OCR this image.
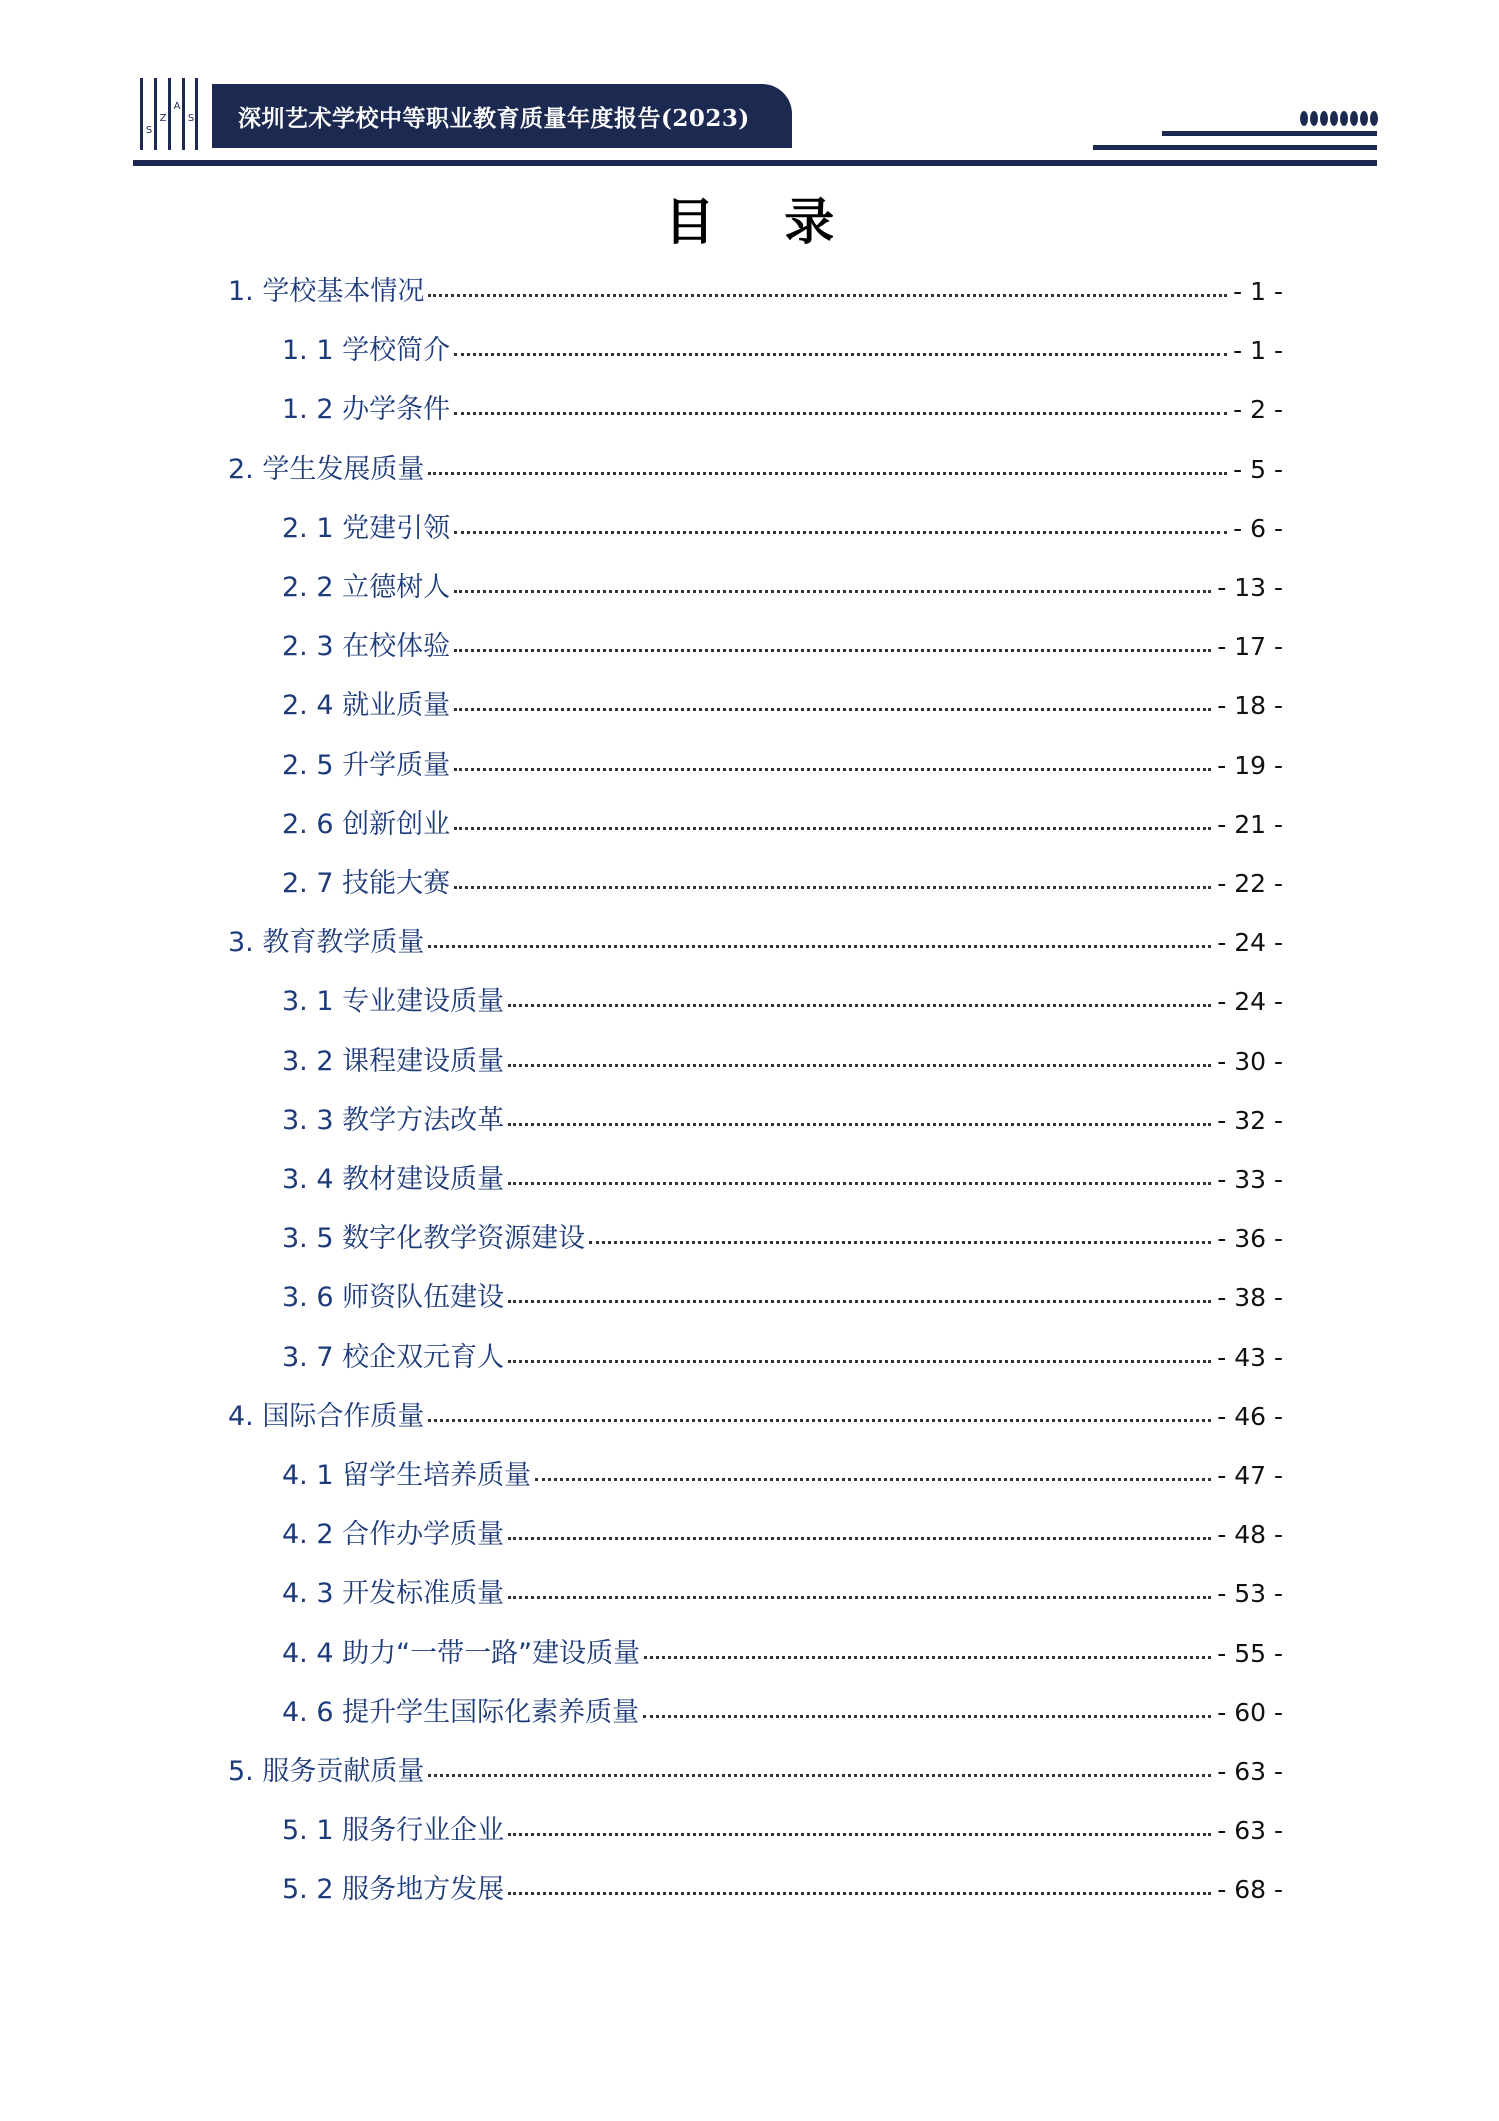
S
Z
A
S 深圳艺术学校中等职业教育质量年度报告(2023)
目    录
1. 学校基本情况	- 1 -
1. 1 学校简介	- 1 -
1. 2 办学条件	- 2 -
2. 学生发展质量	- 5 -
2. 1 党建引领	- 6 -
2. 2 立德树人	- 13 -
2. 3 在校体验	- 17 -
2. 4 就业质量	- 18 -
2. 5 升学质量	- 19 -
2. 6 创新创业	- 21 -
2. 7 技能大赛	- 22 -
3. 教育教学质量	- 24 -
3. 1 专业建设质量	- 24 -
3. 2 课程建设质量	- 30 -
3. 3 教学方法改革	- 32 -
3. 4 教材建设质量	- 33 -
3. 5 数字化教学资源建设	- 36 -
3. 6 师资队伍建设	- 38 -
3. 7 校企双元育人	- 43 -
4. 国际合作质量	- 46 -
4. 1 留学生培养质量	- 47 -
4. 2 合作办学质量	- 48 -
4. 3 开发标准质量	- 53 -
4. 4 助力“一带一路”建设质量	- 55 -
4. 6 提升学生国际化素养质量	- 60 -
5. 服务贡献质量	- 63 -
5. 1 服务行业企业	- 63 -
5. 2 服务地方发展	- 68 -
